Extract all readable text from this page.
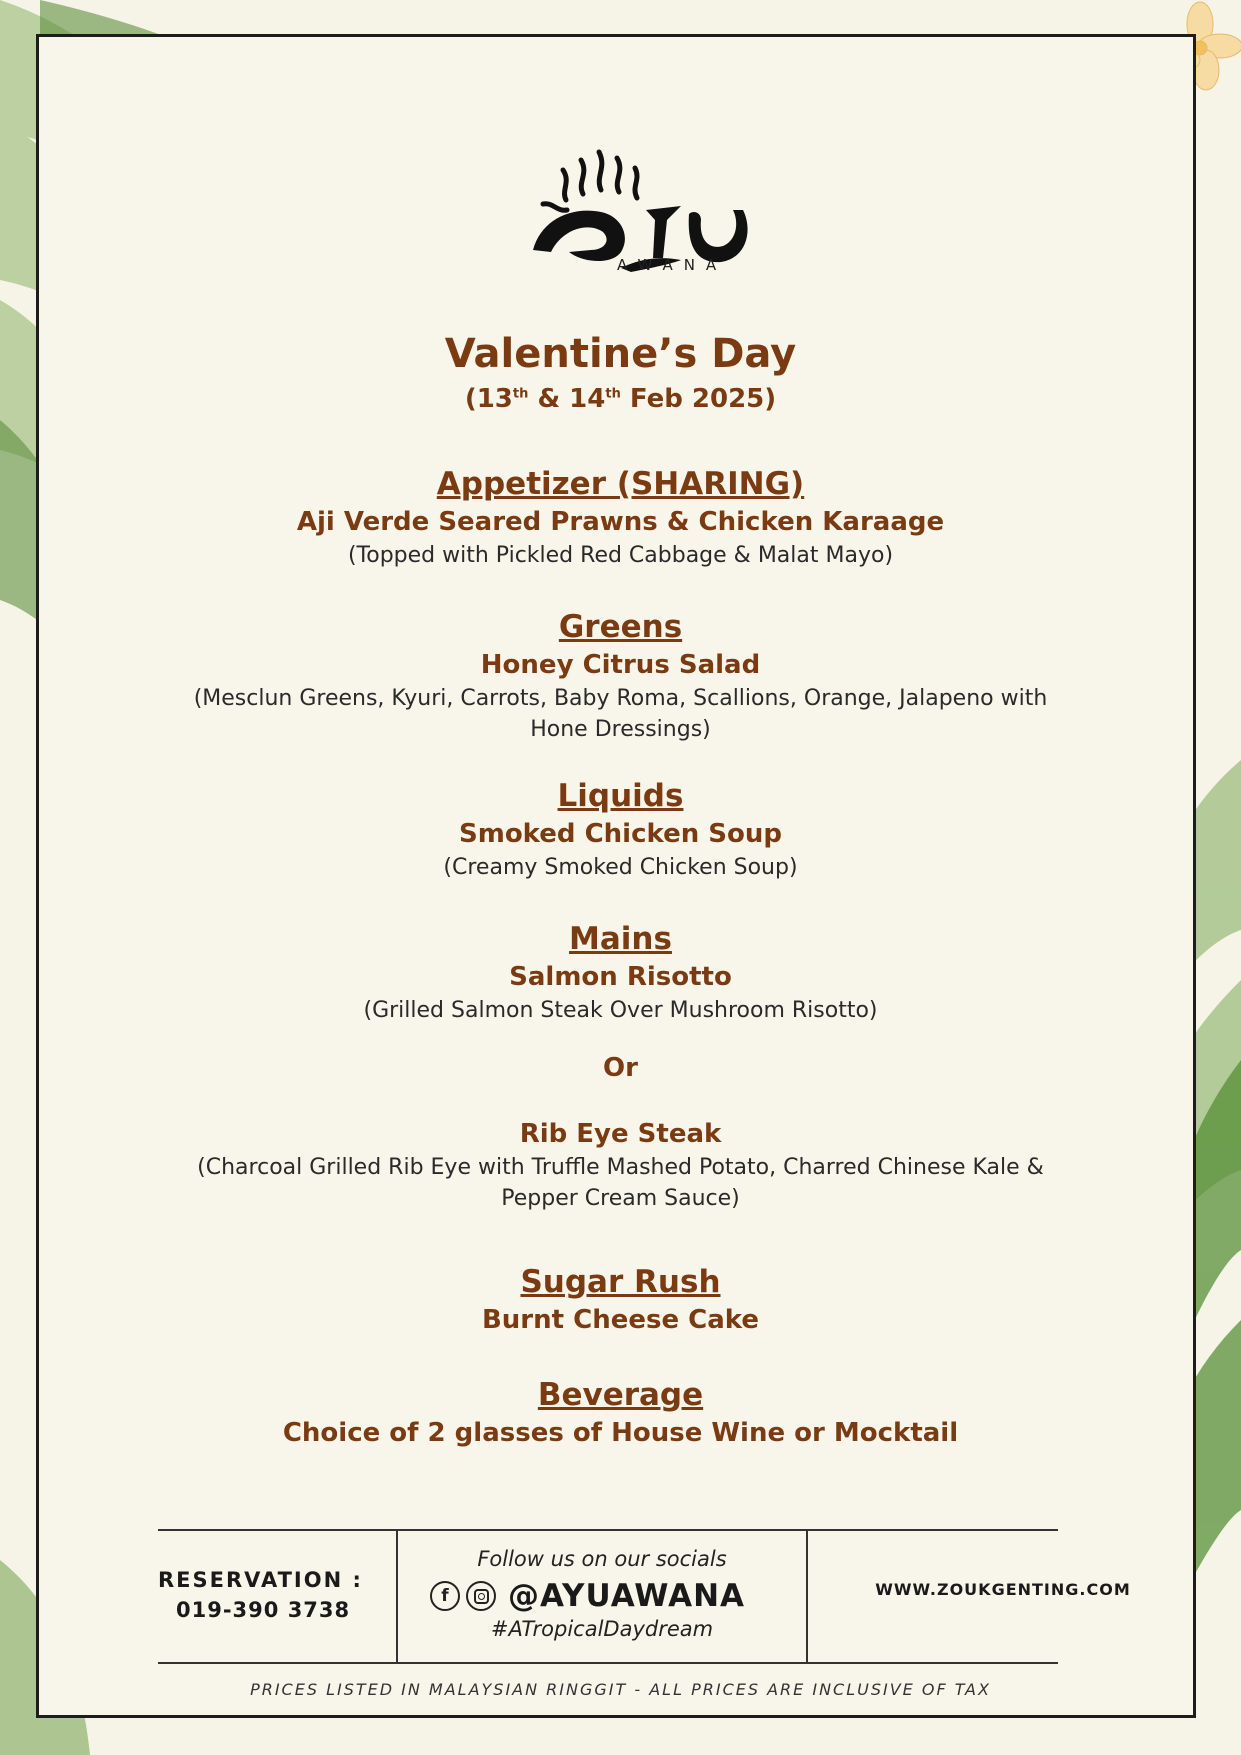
AWANA
Valentine’s Day
(13th & 14th Feb 2025)
Appetizer (SHARING)
Aji Verde Seared Prawns & Chicken Karaage
(Topped with Pickled Red Cabbage & Malat Mayo)
Greens
Honey Citrus Salad
(Mesclun Greens, Kyuri, Carrots, Baby Roma, Scallions, Orange, Jalapeno with Hone Dressings)
Liquids
Smoked Chicken Soup
(Creamy Smoked Chicken Soup)
Mains
Salmon Risotto
(Grilled Salmon Steak Over Mushroom Risotto)
Or
Rib Eye Steak
(Charcoal Grilled Rib Eye with Truffle Mashed Potato, Charred Chinese Kale & Pepper Cream Sauce)
Sugar Rush
Burnt Cheese Cake
Beverage
Choice of 2 glasses of House Wine or Mocktail
RESERVATION :
019-390 3738
Follow us on our socials
f	@AYUAWANA
#ATropicalDaydream
WWW.ZOUKGENTING.COM
PRICES LISTED IN MALAYSIAN RINGGIT - ALL PRICES ARE INCLUSIVE OF TAX
